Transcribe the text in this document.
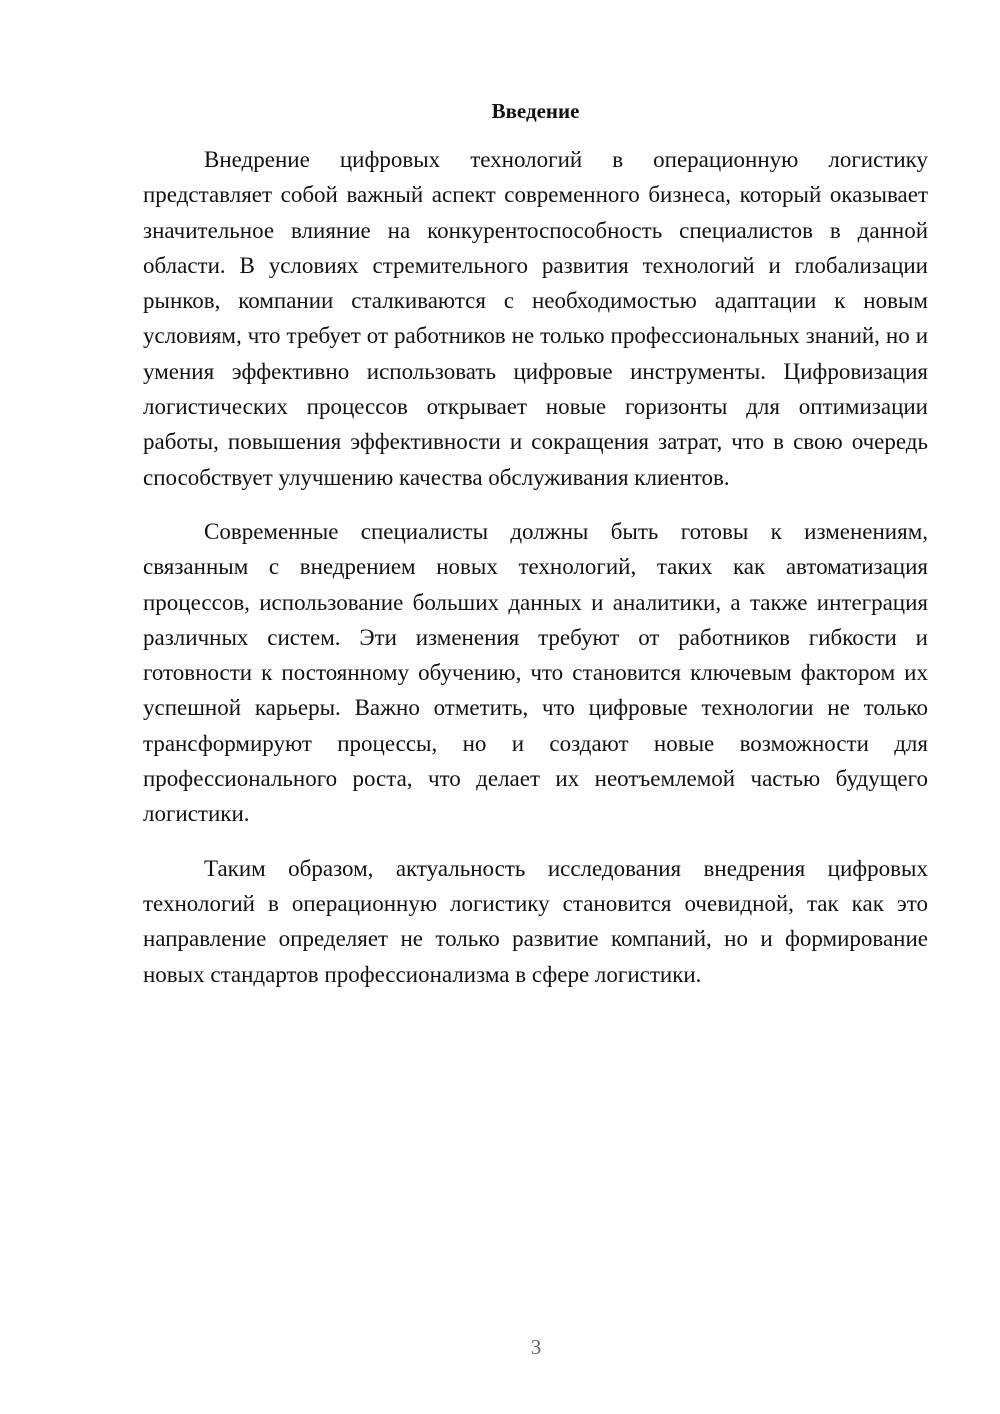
Введение

Внедрение цифровых технологий в операционную логистику представляет собой важный аспект современного бизнеса, который оказывает значительное влияние на конкурентоспособность специалистов в данной области. В условиях стремительного развития технологий и глобализации рынков, компании сталкиваются с необходимостью адаптации к новым условиям, что требует от работников не только профессиональных знаний, но и умения эффективно использовать цифровые инструменты. Цифровизация логистических процессов открывает новые горизонты для оптимизации работы, повышения эффективности и сокращения затрат, что в свою очередь способствует улучшению качества обслуживания клиентов.

Современные специалисты должны быть готовы к изменениям, связанным с внедрением новых технологий, таких как автоматизация процессов, использование больших данных и аналитики, а также интеграция различных систем. Эти изменения требуют от работников гибкости и готовности к постоянному обучению, что становится ключевым фактором их успешной карьеры. Важно отметить, что цифровые технологии не только трансформируют процессы, но и создают новые возможности для профессионального роста, что делает их неотъемлемой частью будущего логистики.

Таким образом, актуальность исследования внедрения цифровых технологий в операционную логистику становится очевидной, так как это направление определяет не только развитие компаний, но и формирование новых стандартов профессионализма в сфере логистики.

3
